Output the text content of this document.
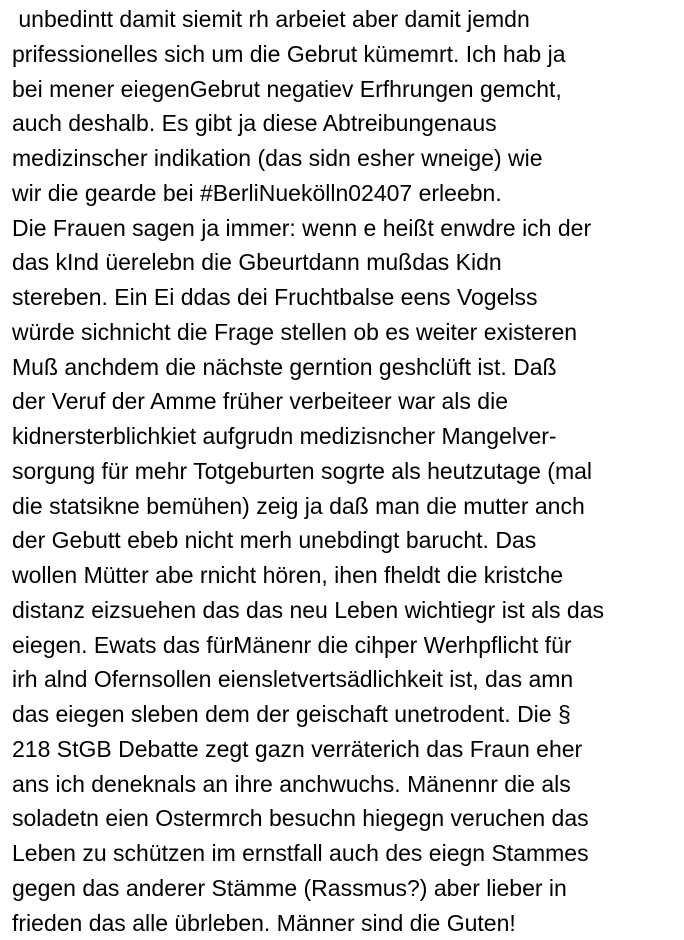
unbedintt damit siemit rh arbeiet aber damit jemdn
prifessionelles sich um die Gebrut kümemrt. Ich hab ja
bei mener eiegenGebrut negatiev Erfhrungen gemcht,
auch deshalb. Es gibt ja diese Abtreibungenaus
medizinscher indikation (das sidn esher wneige) wie
wir die gearde bei #BerliNuekölln02407 erleebn.
Die Frauen sagen ja immer: wenn e heißt enwdre ich der
das kInd üerelebn die Gbeurtdann mußdas Kidn
stereben. Ein Ei ddas dei Fruchtbalse eens Vogelss
würde sichnicht die Frage stellen ob es weiter existeren
Muß anchdem die nächste gerntion geshclüft ist. Daß
der Veruf der Amme früher verbeiteer war als die
kidnersterblichkiet aufgrudn medizisncher Mangelver-
sorgung für mehr Totgeburten sogrte als heutzutage (mal
die statsikne bemühen) zeig ja daß man die mutter anch
der Gebutt ebeb nicht merh unebdingt barucht. Das
wollen Mütter abe rnicht hören, ihen fheldt die kristche
distanz eizsuehen das das neu Leben wichtiegr ist als das
eiegen. Ewats das fürMänenr die cihper Werhpflicht für
irh alnd Ofernsollen eiensletvertsädlichkeit ist, das amn
das eiegen sleben dem der geischaft unetrodent. Die §
218 StGB Debatte zegt gazn verräterich das Fraun eher
ans ich deneknals an ihre anchwuchs. Mänennr die als
soladetn eien Ostermrch besuchn hiegegn veruchen das
Leben zu schützen im ernstfall auch des eiegn Stammes
gegen das anderer Stämme (Rassmus?) aber lieber in
frieden das alle übrleben. Männer sind die Guten!
